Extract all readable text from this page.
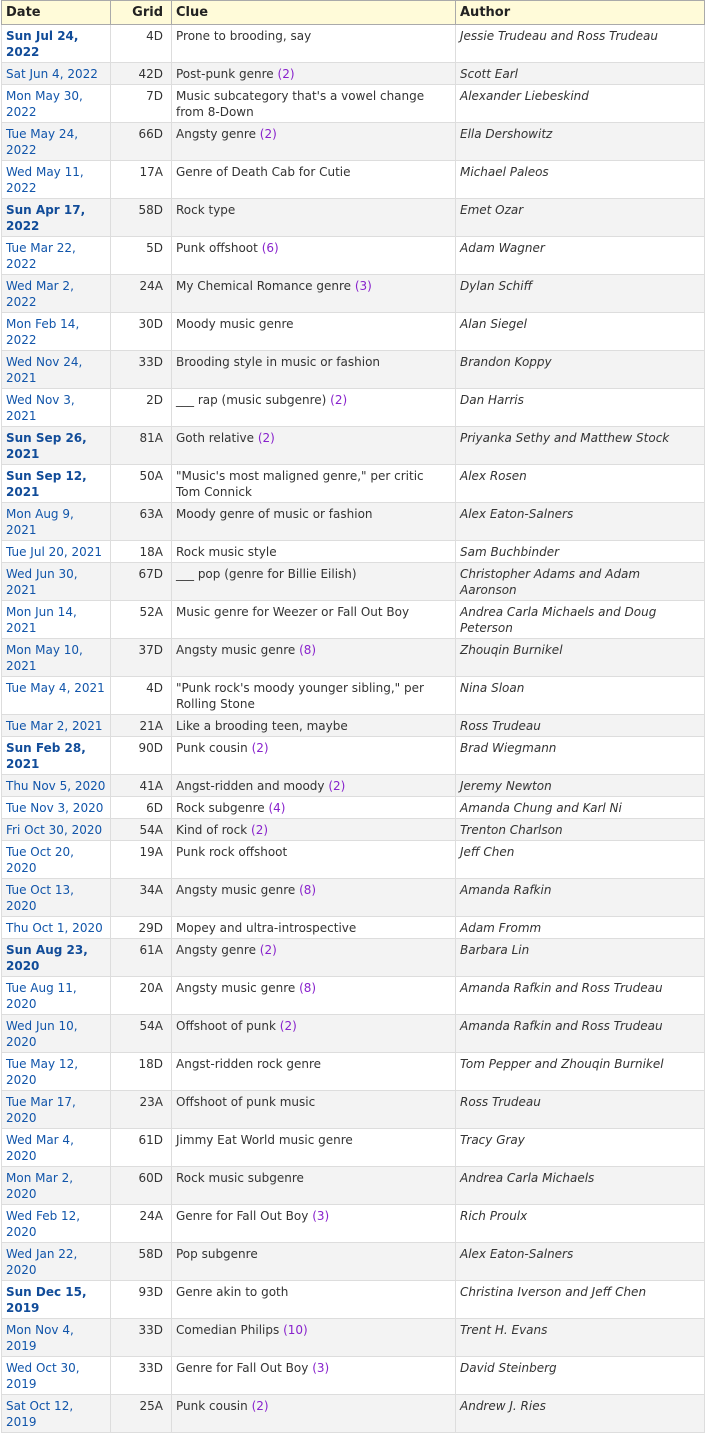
Date	Grid	Clue	Author
Sun Jul 24, 2022	4D	Prone to brooding, say	Jessie Trudeau and Ross Trudeau
Sat Jun 4, 2022	42D	Post-punk genre (2)	Scott Earl
Mon May 30, 2022	7D	Music subcategory that's a vowel change from 8-Down	Alexander Liebeskind
Tue May 24, 2022	66D	Angsty genre (2)	Ella Dershowitz
Wed May 11, 2022	17A	Genre of Death Cab for Cutie	Michael Paleos
Sun Apr 17, 2022	58D	Rock type	Emet Ozar
Tue Mar 22, 2022	5D	Punk offshoot (6)	Adam Wagner
Wed Mar 2, 2022	24A	My Chemical Romance genre (3)	Dylan Schiff
Mon Feb 14, 2022	30D	Moody music genre	Alan Siegel
Wed Nov 24, 2021	33D	Brooding style in music or fashion	Brandon Koppy
Wed Nov 3, 2021	2D	___ rap (music subgenre) (2)	Dan Harris
Sun Sep 26, 2021	81A	Goth relative (2)	Priyanka Sethy and Matthew Stock
Sun Sep 12, 2021	50A	"Music's most maligned genre," per critic Tom Connick	Alex Rosen
Mon Aug 9, 2021	63A	Moody genre of music or fashion	Alex Eaton-Salners
Tue Jul 20, 2021	18A	Rock music style	Sam Buchbinder
Wed Jun 30, 2021	67D	___ pop (genre for Billie Eilish)	Christopher Adams and Adam Aaronson
Mon Jun 14, 2021	52A	Music genre for Weezer or Fall Out Boy	Andrea Carla Michaels and Doug Peterson
Mon May 10, 2021	37D	Angsty music genre (8)	Zhouqin Burnikel
Tue May 4, 2021	4D	"Punk rock's moody younger sibling," per Rolling Stone	Nina Sloan
Tue Mar 2, 2021	21A	Like a brooding teen, maybe	Ross Trudeau
Sun Feb 28, 2021	90D	Punk cousin (2)	Brad Wiegmann
Thu Nov 5, 2020	41A	Angst-ridden and moody (2)	Jeremy Newton
Tue Nov 3, 2020	6D	Rock subgenre (4)	Amanda Chung and Karl Ni
Fri Oct 30, 2020	54A	Kind of rock (2)	Trenton Charlson
Tue Oct 20, 2020	19A	Punk rock offshoot	Jeff Chen
Tue Oct 13, 2020	34A	Angsty music genre (8)	Amanda Rafkin
Thu Oct 1, 2020	29D	Mopey and ultra-introspective	Adam Fromm
Sun Aug 23, 2020	61A	Angsty genre (2)	Barbara Lin
Tue Aug 11, 2020	20A	Angsty music genre (8)	Amanda Rafkin and Ross Trudeau
Wed Jun 10, 2020	54A	Offshoot of punk (2)	Amanda Rafkin and Ross Trudeau
Tue May 12, 2020	18D	Angst-ridden rock genre	Tom Pepper and Zhouqin Burnikel
Tue Mar 17, 2020	23A	Offshoot of punk music	Ross Trudeau
Wed Mar 4, 2020	61D	Jimmy Eat World music genre	Tracy Gray
Mon Mar 2, 2020	60D	Rock music subgenre	Andrea Carla Michaels
Wed Feb 12, 2020	24A	Genre for Fall Out Boy (3)	Rich Proulx
Wed Jan 22, 2020	58D	Pop subgenre	Alex Eaton-Salners
Sun Dec 15, 2019	93D	Genre akin to goth	Christina Iverson and Jeff Chen
Mon Nov 4, 2019	33D	Comedian Philips (10)	Trent H. Evans
Wed Oct 30, 2019	33D	Genre for Fall Out Boy (3)	David Steinberg
Sat Oct 12, 2019	25A	Punk cousin (2)	Andrew J. Ries
